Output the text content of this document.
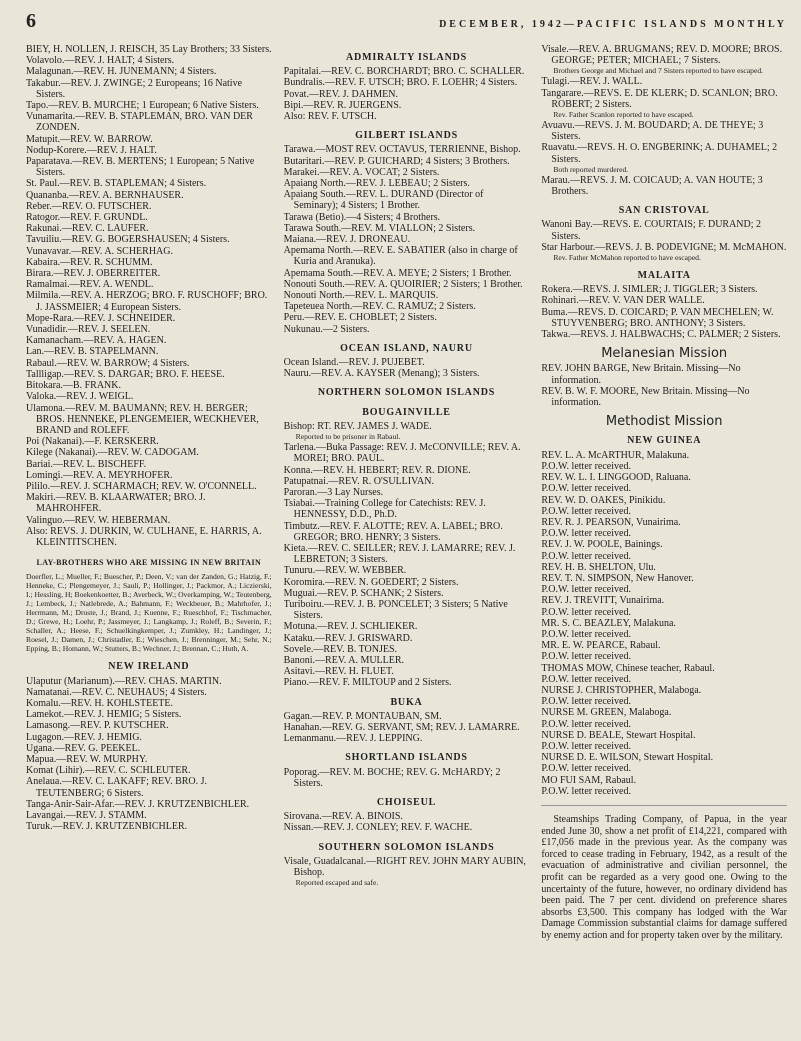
6	DECEMBER, 1942—PACIFIC ISLANDS MONTHLY

BIEY, H. NOLLEN, J. REISCH, 35 Lay Brothers; 33 Sisters.

Volavolo.—REV. J. HALT; 4 Sisters.

Malagunan.—REV. H. JUNEMANN; 4 Sisters.

Takabur.—REV. J. ZWINGE; 2 Europeans; 16 Native Sisters.

Tapo.—REV. B. MURCHE; 1 European; 6 Native Sisters.

Vunamarita.—REV. B. STAPLEMAN, BRO. VAN DER ZONDEN.

Matupit.—REV. W. BARROW.

Nodup-Korere.—REV. J. HALT.

Paparatava.—REV. B. MERTENS; 1 European; 5 Native Sisters.

St. Paul.—REV. B. STAPLEMAN; 4 Sisters.

Quananba.—REV. A. BERNHAUSER.

Reber.—REV. O. FUTSCHER.

Ratogor.—REV. F. GRUNDL.

Rakunai.—REV. C. LAUFER.

Tavuiliu.—REV. G. BOGERSHAUSEN; 4 Sisters.

Vunavavar.—REV. A. SCHERHAG.

Kabaira.—REV. R. SCHUMM.

Birara.—REV. J. OBERREITER.

Ramalmai.—REV. A. WENDL.

Milmila.—REV. A. HERZOG; BRO. F. RUSCHOFF; BRO. J. JASSMEIER; 4 European Sisters.

Mope-Rara.—REV. J. SCHNEIDER.

Vunadidir.—REV. J. SEELEN.

Kamanacham.—REV. A. HAGEN.

Lan.—REV. B. STAPELMANN.

Rabaul.—REV. W. BARROW; 4 Sisters.

Tallligap.—REV. S. DARGAR; BRO. F. HEESE.

Bitokara.—B. FRANK.

Valoka.—REV. J. WEIGL.

Ulamona.—REV. M. BAUMANN; REV. H. BERGER; BROS. HENNEKE, PLENGEMEIER, WECKHEVER, BRAND and ROLEFF.

Poi (Nakanai).—F. KERSKERR.

Kilege (Nakanai).—REV. W. CADOGAM.

Bariai.—REV. L. BISCHEFF.

Lomingi.—REV. A. MEYRHOFER.

Pililo.—REV. J. SCHARMACH; REV. W. O'CONNELL.

Makiri.—REV. B. KLAARWATER; BRO. J. MAHROHFER.

Valinguo.—REV. W. HEBERMAN.

Also: REVS. J. DURKIN, W. CULHANE, E. HARRIS, A. KLEINTITSCHEN.

LAY-BROTHERS WHO ARE MISSING IN NEW BRITAIN

Doerfler, L.; Mueller, F.; Buescher, P.; Deen, V.; van der Zanden, G.; Hatzig, F.; Henneke, C.; Plengemeyer, J.; Sauli, P.; Hollinger, J.; Packmor, A.; Liczierski, I.; Hessling, H; Boekenkoetter, B.; Averbeck, W.; Overkamping, W.; Teutenberg, J.; Lembeck, J.; Natlebrede, A.; Bahmann, F.; Weckbeuer, B.; Mahrhofer, J.; Herrmann, M.; Droste, J.; Brand, J.; Kuenne, F.; Rueschhof, F.; Tischmacher, D.; Grewe, H.; Loehr, P.; Jassmeyer, J.; Langkamp, J.; Roleff, B.; Severin, F.; Schaller, A.; Heese, F.; Schuelkingkemper, J.; Zumkley, H.; Landinger, J.; Roesel, J.; Damen, J.; Christadler, E.; Wieschen, J.; Brenninger, M.; Sehr, N.; Epping, B.; Homann, W.; Stutters, B.; Wechner, J.; Brennan, C.; Huth, A.

NEW IRELAND

Ulaputur (Marianum).—REV. CHAS. MARTIN.

Namatanai.—REV. C. NEUHAUS; 4 Sisters.

Komalu.—REV. H. KOHLSTEETE.

Lamekot.—REV. J. HEMIG; 5 Sisters.

Lamasong.—REV. P. KUTSCHER.

Lugagon.—REV. J. HEMIG.

Ugana.—REV. G. PEEKEL.

Mapua.—REV. W. MURPHY.

Komat (Lihir).—REV. C. SCHLEUTER.

Anelaua.—REV. C. LAKAFF; REV. BRO. J. TEUTENBERG; 6 Sisters.

Tanga-Anir-Sair-Afar.—REV. J. KRUTZENBICHLER.

Lavangai.—REV. J. STAMM.

Turuk.—REV. J. KRUTZENBICHLER.

ADMIRALTY ISLANDS

Papitalai.—REV. C. BORCHARDT; BRO. C. SCHALLER.

Bundralis.—REV. F. UTSCH; BRO. F. LOEHR; 4 Sisters.

Povat.—REV. J. DAHMEN.

Bipi.—REV. R. JUERGENS.

Also: REV. F. UTSCH.

GILBERT ISLANDS

Tarawa.—MOST REV. OCTAVUS, TERRIENNE, Bishop.

Butaritari.—REV. P. GUICHARD; 4 Sisters; 3 Brothers.

Marakei.—REV. A. VOCAT; 2 Sisters.

Apaiang North.—REV. J. LEBEAU; 2 Sisters.

Apaiang South.—REV. L. DURAND (Director of Seminary); 4 Sisters; 1 Brother.

Tarawa (Betio).—4 Sisters; 4 Brothers.

Tarawa South.—REV. M. VIALLON; 2 Sisters.

Maiana.—REV. J. DRONEAU.

Apemama North.—REV. E. SABATIER (also in charge of Kuria and Aranuka).

Apemama South.—REV. A. MEYE; 2 Sisters; 1 Brother.

Nonouti South.—REV. A. QUOIRIER; 2 Sisters; 1 Brother.

Nonouti North.—REV. L. MARQUIS.

Tapeteuea North.—REV. C. RAMUZ; 2 Sisters.

Peru.—REV. E. CHOBLET; 2 Sisters.

Nukunau.—2 Sisters.

OCEAN ISLAND, NAURU

Ocean Island.—REV. J. PUJEBET.

Nauru.—REV. A. KAYSER (Menang); 3 Sisters.

NORTHERN SOLOMON ISLANDS
BOUGAINVILLE

Bishop: RT. REV. JAMES J. WADE.

Reported to be prisoner in Rabaul.

Tarlena.—Buka Passage: REV. J. McCONVILLE; REV. A. MOREI; BRO. PAUL.

Konna.—REV. H. HEBERT; REV. R. DIONE.

Patupatnai.—REV. R. O'SULLIVAN.

Paroran.—3 Lay Nurses.

Tsiabai.—Training College for Catechists: REV. J. HENNESSY, D.D., Ph.D.

Timbutz.—REV. F. ALOTTE; REV. A. LABEL; BRO. GREGOR; BRO. HENRY; 3 Sisters.

Kieta.—REV. C. SEILLER; REV. J. LAMARRE; REV. J. LEBRETON; 3 Sisters.

Tunuru.—REV. W. WEBBER.

Koromira.—REV. N. GOEDERT; 2 Sisters.

Muguai.—REV. P. SCHANK; 2 Sisters.

Turiboiru.—REV. J. B. PONCELET; 3 Sisters; 5 Native Sisters.

Motuna.—REV. J. SCHLIEKER.

Kataku.—REV. J. GRISWARD.

Sovele.—REV. B. TONJES.

Banoni.—REV. A. MULLER.

Asitavi.—REV. H. FLUET.

Piano.—REV. F. MILTOUP and 2 Sisters.

BUKA

Gagan.—REV. P. MONTAUBAN, SM.

Hanahan.—REV. G. SERVANT, SM; REV. J. LAMARRE.

Lemanmanu.—REV. J. LEPPING.

SHORTLAND ISLANDS

Poporag.—REV. M. BOCHE; REV. G. McHARDY; 2 Sisters.

CHOISEUL

Sirovana.—REV. A. BINOIS.

Nissan.—REV. J. CONLEY; REV. F. WACHE.

SOUTHERN SOLOMON ISLANDS

Visale, Guadalcanal.—RIGHT REV. JOHN MARY AUBIN, Bishop.

Reported escaped and safe.

Visale.—REV. A. BRUGMANS; REV. D. MOORE; BROS. GEORGE; PETER; MICHAEL; 7 Sisters.

Brothers George and Michael and 7 Sisters reported to have escaped.

Tulagi.—REV. J. WALL.

Tangarare.—REVS. E. DE KLERK; D. SCANLON; BRO. ROBERT; 2 Sisters.

Rev. Father Scanlon reported to have escaped.

Avuavu.—REVS. J. M. BOUDARD; A. DE THEYE; 3 Sisters.

Ruavatu.—REVS. H. O. ENGBERINK; A. DUHAMEL; 2 Sisters.

Both reported murdered.

Marau.—REVS. J. M. COICAUD; A. VAN HOUTE; 3 Brothers.

SAN CRISTOVAL

Wanoni Bay.—REVS. E. COURTAIS; F. DURAND; 2 Sisters.

Star Harbour.—REVS. J. B. PODEVIGNE; M. McMAHON.

Rev. Father McMahon reported to have escaped.

MALAITA

Rokera.—REVS. J. SIMLER; J. TIGGLER; 3 Sisters.

Rohinari.—REV. V. VAN DER WALLE.

Buma.—REVS. D. COICARD; P. VAN MECHELEN; W. STUYVENBERG; BRO. ANTHONY; 3 Sisters.

Takwa.—REVS. J. HALBWACHS; C. PALMER; 2 Sisters.

Melanesian Mission

REV. JOHN BARGE, New Britain. Missing—No information.

REV. B. W. F. MOORE, New Britain. Missing—No information.

Methodist Mission
NEW GUINEA

REV. L. A. McARTHUR, Malakuna.

P.O.W. letter received.

REV. W. L. I. LINGGOOD, Raluana.

P.O.W. letter received.

REV. W. D. OAKES, Pinikidu.

P.O.W. letter received.

REV. R. J. PEARSON, Vunairima.

P.O.W. letter received.

REV. J. W. POOLE, Bainings.

P.O.W. letter received.

REV. H. B. SHELTON, Ulu.

REV. T. N. SIMPSON, New Hanover.

P.O.W. letter received.

REV. J. TREVITT, Vunairima.

P.O.W. letter received.

MR. S. C. BEAZLEY, Malakuna.

P.O.W. letter received.

MR. E. W. PEARCE, Rabaul.

P.O.W. letter received.

THOMAS MOW, Chinese teacher, Rabaul.

P.O.W. letter received.

NURSE J. CHRISTOPHER, Malaboga.

P.O.W. letter received.

NURSE M. GREEN, Malaboga.

P.O.W. letter received.

NURSE D. BEALE, Stewart Hospital.

P.O.W. letter received.

NURSE D. E. WILSON, Stewart Hospital.

P.O.W. letter received.

MO FUI SAM, Rabaul.

P.O.W. letter received.

Steamships Trading Company, of Papua, in the year ended June 30, show a net profit of £14,221, compared with £17,056 made in the previous year. As the company was forced to cease trading in February, 1942, as a result of the evacuation of administrative and civilian personnel, the profit can be regarded as a very good one. Owing to the uncertainty of the future, however, no ordinary dividend has been paid. The 7 per cent. dividend on preference shares absorbs £3,500. This company has lodged with the War Damage Commission substantial claims for damage suffered by enemy action and for property taken over by the military.
